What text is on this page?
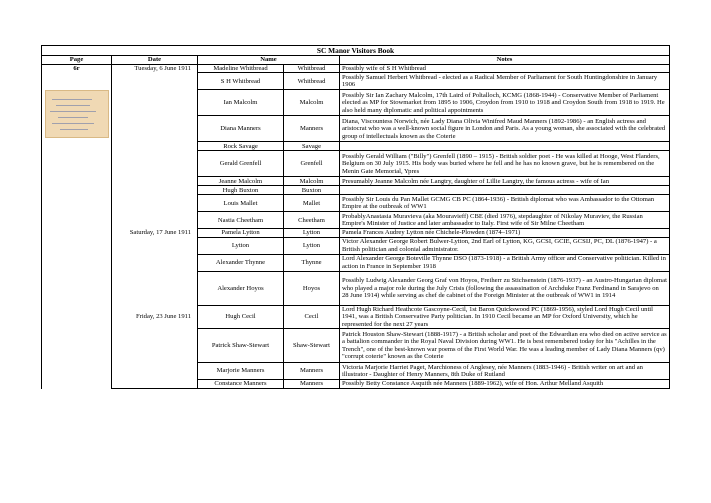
SC Manor Visitors Book				
Page	Date	Name		Notes

6r	Tuesday, 6 June 1911	Madeline Whitbread	Whitbread	Possibly wife of S H Whitbread
		S H Whitbread	Whitbread	Possibly Samuel Herbert Whitbread - elected as a Radical Member of Parliament for South Huntingdonshire in January 1906
		Ian Malcolm	Malcolm	Possibly Sir Ian Zachary Malcolm, 17th Laird of Poltalloch, KCMG (1868-1944) - Conservative Member of Parliament elected as MP for Stowmarket from 1895 to 1906, Croydon from 1910 to 1918 and Croydon South from 1918 to 1919. He also held many diplomatic and political appointments
		Diana Manners	Manners	Diana, Viscountess Norwich, née Lady Diana Olivia Winifred Maud Manners (1892-1986) - an English actress and aristocrat who was a well-known social figure in London and Paris. As a young woman, she associated with the celebrated group of intellectuals known as the Coterie
		Rock Savage	Savage	
		Gerald Grenfell	Grenfell	Possibly Gerald William ("Billy") Grenfell (1890 – 1915) - British soldier poet - He was killed at Hooge, West Flanders, Belgium on 30 July 1915. His body was buried where he fell and he has no known grave, but he is remembered on the Menin Gate Memorial, Ypres
		Jeanne Malcolm	Malcolm	Presumably Jeanne Malcolm née Langtry, daughter of Lillie Langtry, the famous actress - wife of Ian
		Hugh Buxton	Buxton	
		Louis Mallet	Mallet	Possibly Sir Louis du Pan Mallet GCMG CB PC (1864-1936) - British diplomat who was Ambassador to the Ottoman Empire at the outbreak of WW1
		Nastia Cheetham	Cheetham	ProbablyAnastasia Muravieva (aka Mouravieff) CBE (died 1976), stepdaughter of Nikolay Muraviev, the Russian Empire's Minister of Justice and later ambassador to Italy. First wife of Sir Milne Cheetham
	Saturday, 17 June 1911	Pamela Lytton	Lytton	Pamela Frances Audrey Lytton née Chichele-Plowden (1874–1971)
		Lytton	Lytton	Victor Alexander George Robert Bulwer-Lytton, 2nd Earl of Lytton, KG, GCSI, GCIE, GCSIJ, PC, DL (1876-1947) - a British politician and colonial administrator.
		Alexander Thynne	Thynne	Lord Alexander George Boteville Thynne DSO (1873-1918) - a British Army officer and Conservative politician. Killed in action in France in September 1918
		Alexander Hoyos	Hoyos	Possibly Ludwig Alexander Georg Graf von Hoyos, Freiherr zu Stichsenstein (1876-1937) - an Austro-Hungarian diplomat who played a major role during the July Crisis (following the assassination of Archduke Franz Ferdinand in Sarajevo on 28 June 1914) while serving as chef de cabinet of the Foreign Minister at the outbreak of WW1 in 1914
	Friday, 23 June 1911	Hugh Cecil	Cecil	Lord Hugh Richard Heathcote Gascoyne-Cecil, 1st Baron Quickswood PC (1869-1956), styled Lord Hugh Cecil until 1941, was a British Conservative Party politician. In 1910 Cecil became an MP for Oxford University, which he represented for the next 27 years
		Patrick Shaw-Stewart	Shaw-Stewart	Patrick Houston Shaw-Stewart (1888-1917) - a British scholar and poet of the Edwardian era who died on active service as a battalion commander in the Royal Naval Division during WW1. He is best remembered today for his "Achilles in the Trench", one of the best-known war poems of the First World War. He was a leading member of Lady Diana Manners (qv) "corrupt coterie" known as the Coterie
		Marjorie Manners	Manners	Victoria Marjorie Harriet Paget, Marchioness of Anglesey, née Manners (1883-1946) - British writer on art and an illustrator - Daughter of Henry Manners, 8th Duke of Rutland
		Constance Manners	Manners	Possibly Betty Constance Asquith née Manners (1889-1962), wife of Hon. Arthur Melland Asquith
